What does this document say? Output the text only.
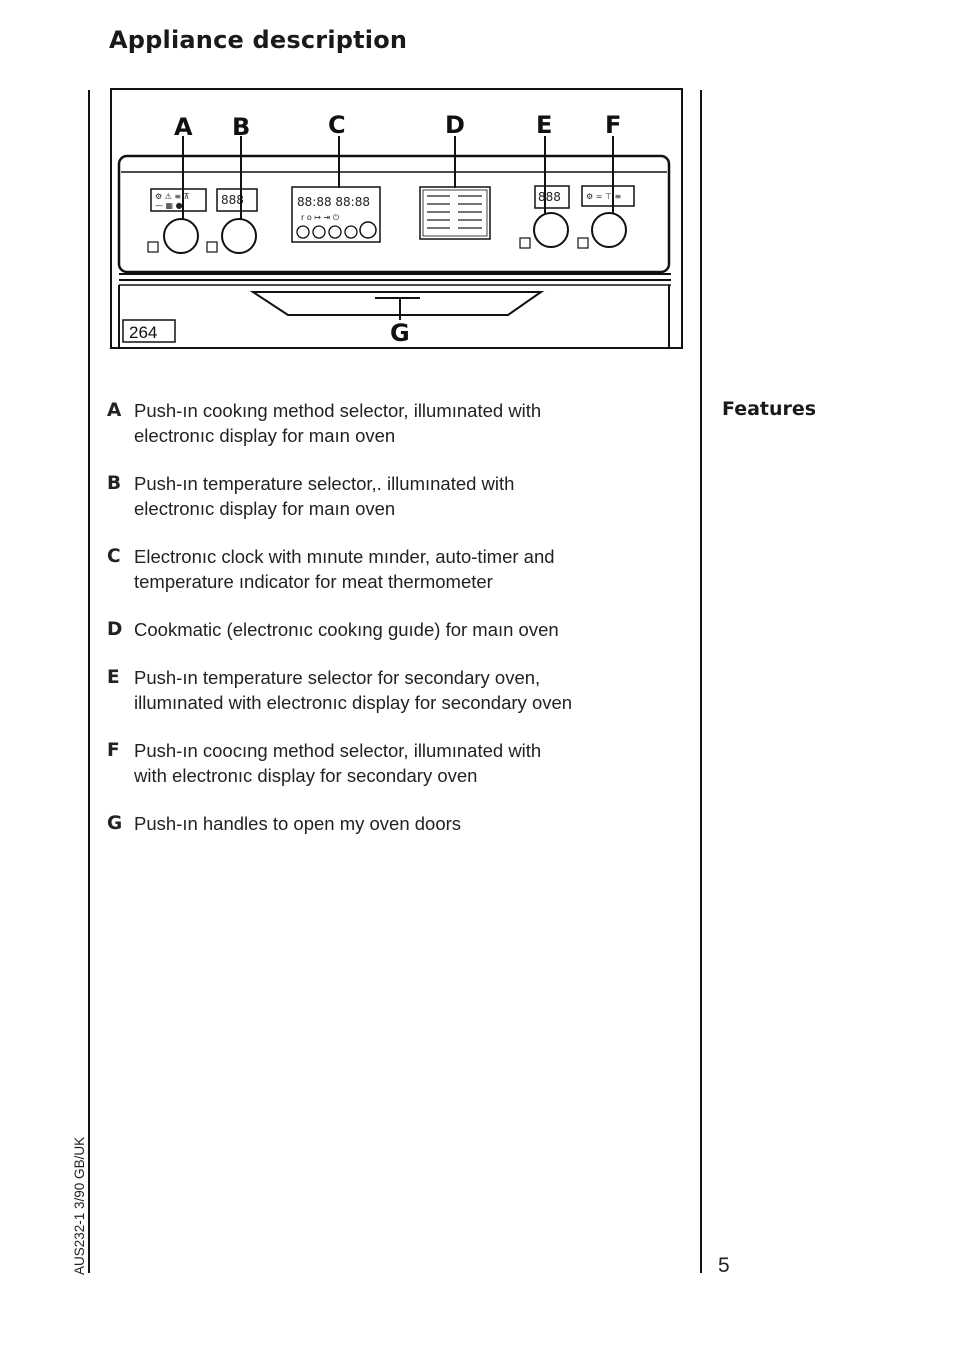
Appliance description
⚙ ⚠ ≡ ⊼
— ▦ ●	888	88:88 88:88
r o ↦ ⇥ ⏻
888	⚙ = ⊤ ≡
A B	C	D	E F
G
264
A Push-ın cookıng method selector, illumınated with
electronıc display for maın oven
B Push-ın temperature selector,. illumınated with
electronıc display for maın oven
C Electronıc clock with mınute mınder, auto-timer and
temperature ındicator for meat thermometer
D Cookmatic (electronıc cookıng guıde) for maın oven
E Push-ın temperature selector for secondary oven,
illumınated with electronıc display for secondary oven
F Push-ın coocıng method selector, illumınated with
with electronıc display for secondary oven
G Push-ın handles to open my oven doors
Features
AUS232-1 3/90 GB/UK	5
